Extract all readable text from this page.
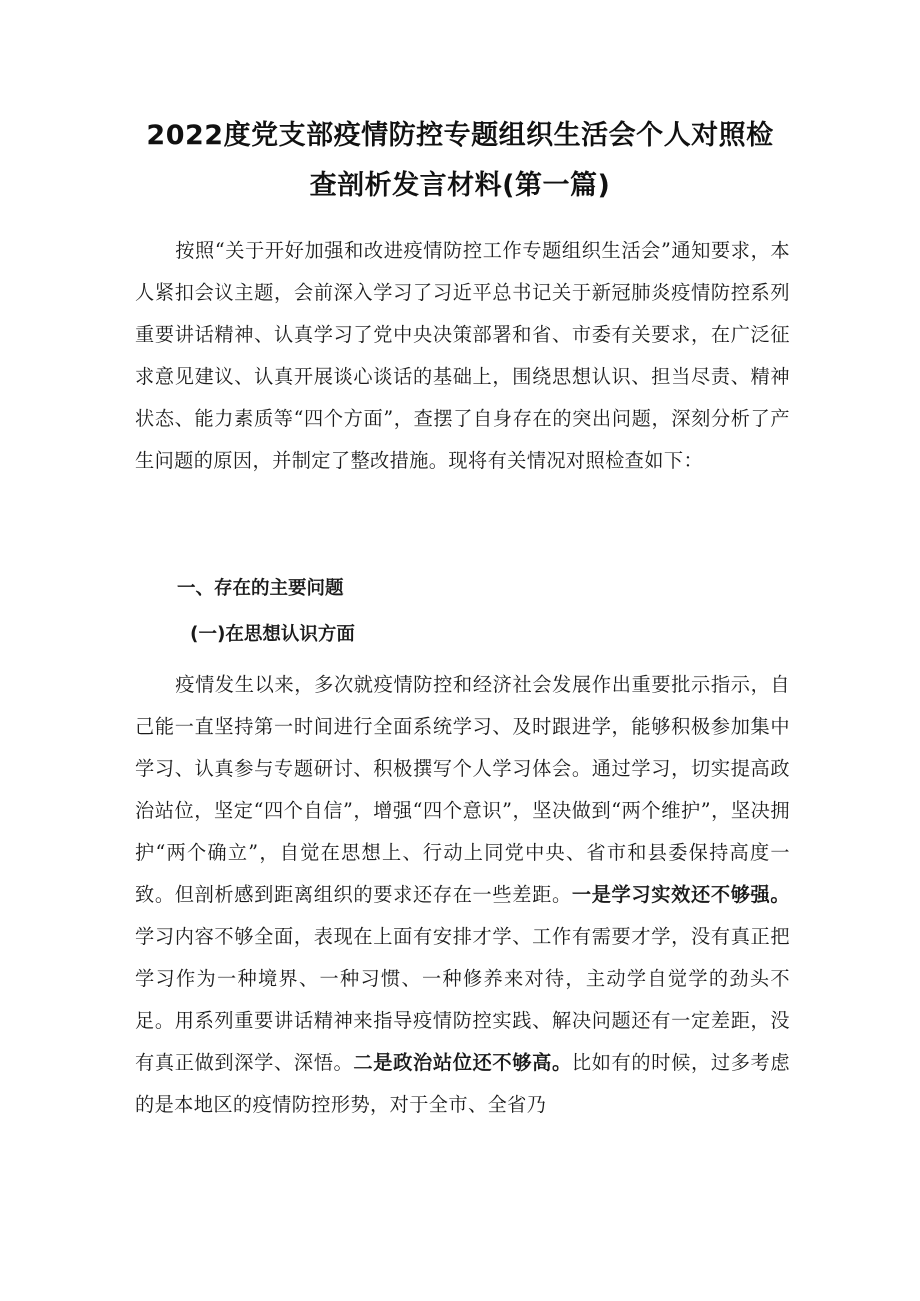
2022度党支部疫情防控专题组织生活会个人对照检
查剖析发言材料(第一篇)

按照“关于开好加强和改进疫情防控工作专题组织生活会”通知要求，本人紧扣会议主题，会前深入学习了习近平总书记关于新冠肺炎疫情防控系列重要讲话精神、认真学习了党中央决策部署和省、市委有关要求，在广泛征求意见建议、认真开展谈心谈话的基础上，围绕思想认识、担当尽责、精神状态、能力素质等“四个方面”，查摆了自身存在的突出问题，深刻分析了产生问题的原因，并制定了整改措施。现将有关情况对照检查如下：

一、存在的主要问题

(一)在思想认识方面

疫情发生以来，多次就疫情防控和经济社会发展作出重要批示指示，自己能一直坚持第一时间进行全面系统学习、及时跟进学，能够积极参加集中学习、认真参与专题研讨、积极撰写个人学习体会。通过学习，切实提高政治站位，坚定“四个自信”，增强“四个意识”，坚决做到“两个维护”，坚决拥护“两个确立”，自觉在思想上、行动上同党中央、省市和县委保持高度一致。但剖析感到距离组织的要求还存在一些差距。一是学习实效还不够强。学习内容不够全面，表现在上面有安排才学、工作有需要才学，没有真正把学习作为一种境界、一种习惯、一种修养来对待，主动学自觉学的劲头不足。用系列重要讲话精神来指导疫情防控实践、解决问题还有一定差距，没有真正做到深学、深悟。二是政治站位还不够高。比如有的时候，过多考虑的是本地区的疫情防控形势，对于全市、全省乃
